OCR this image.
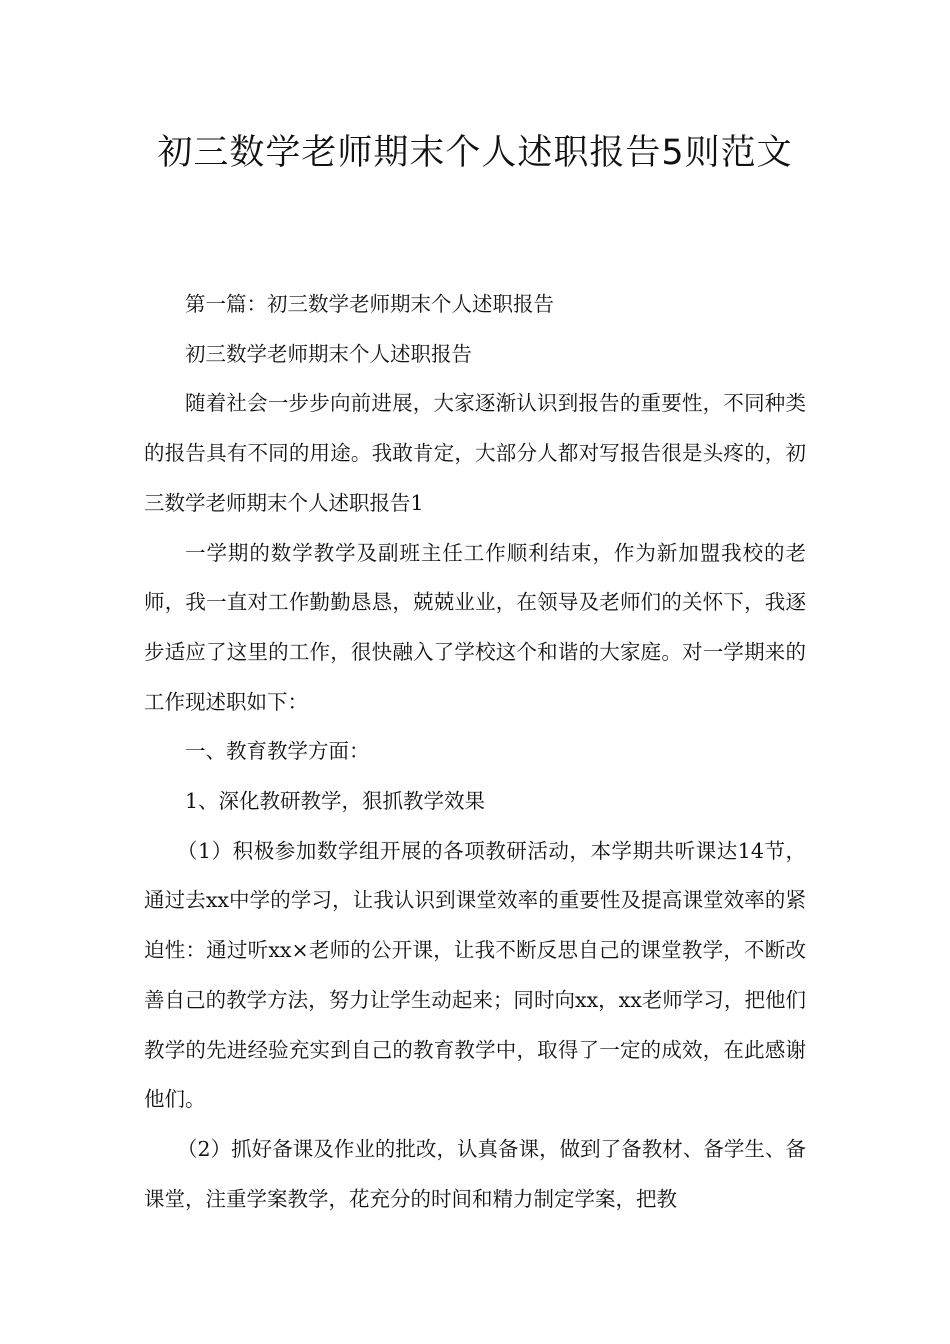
初三数学老师期末个人述职报告5则范文

第一篇：初三数学老师期末个人述职报告

初三数学老师期末个人述职报告

随着社会一步步向前进展，大家逐渐认识到报告的重要性，不同种类的报告具有不同的用途。我敢肯定，大部分人都对写报告很是头疼的，初三数学老师期末个人述职报告1

一学期的数学教学及副班主任工作顺利结束，作为新加盟我校的老师，我一直对工作勤勤恳恳，兢兢业业，在领导及老师们的关怀下，我逐步适应了这里的工作，很快融入了学校这个和谐的大家庭。对一学期来的工作现述职如下：

一、教育教学方面：

1、深化教研教学，狠抓教学效果

（1）积极参加数学组开展的各项教研活动，本学期共听课达14节，通过去xx中学的学习，让我认识到课堂效率的重要性及提高课堂效率的紧迫性：通过听xx×老师的公开课，让我不断反思自己的课堂教学，不断改善自己的教学方法，努力让学生动起来；同时向xx，xx老师学习，把他们教学的先进经验充实到自己的教育教学中，取得了一定的成效，在此感谢他们。

（2）抓好备课及作业的批改，认真备课，做到了备教材、备学生、备课堂，注重学案教学，花充分的时间和精力制定学案，把教
